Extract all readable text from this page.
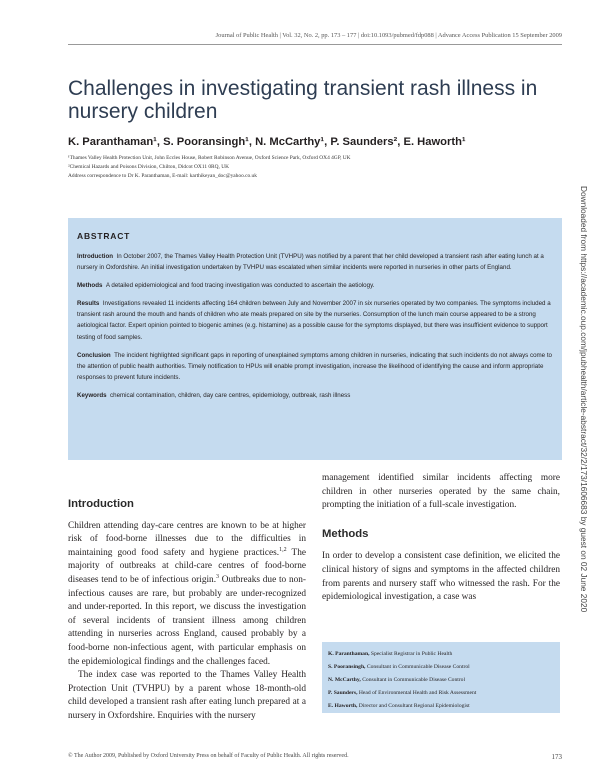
Journal of Public Health | Vol. 32, No. 2, pp. 173 – 177 | doi:10.1093/pubmed/fdp088 | Advance Access Publication 15 September 2009
Challenges in investigating transient rash illness in nursery children
K. Paranthaman¹, S. Pooransingh¹, N. McCarthy¹, P. Saunders², E. Haworth¹
¹Thames Valley Health Protection Unit, John Eccles House, Robert Robinson Avenue, Oxford Science Park, Oxford OX4 4GP, UK
²Chemical Hazards and Poisons Division, Chilton, Didcot OX11 0RQ, UK
Address correspondence to Dr K. Paranthaman, E-mail: karthikeyan_doc@yahoo.co.uk
Downloaded from https://academic.oup.com/jpubhealth/article-abstract/32/2/173/1606683 by guest on 02 June 2020
ABSTRACT

Introduction In October 2007, the Thames Valley Health Protection Unit (TVHPU) was notified by a parent that her child developed a transient rash after eating lunch at a nursery in Oxfordshire. An initial investigation undertaken by TVHPU was escalated when similar incidents were reported in nurseries in other parts of England.

Methods A detailed epidemiological and food tracing investigation was conducted to ascertain the aetiology.

Results Investigations revealed 11 incidents affecting 164 children between July and November 2007 in six nurseries operated by two companies. The symptoms included a transient rash around the mouth and hands of children who ate meals prepared on site by the nurseries. Consumption of the lunch main course appeared to be a strong aetiological factor. Expert opinion pointed to biogenic amines (e.g. histamine) as a possible cause for the symptoms displayed, but there was insufficient evidence to support testing of food samples.

Conclusion The incident highlighted significant gaps in reporting of unexplained symptoms among children in nurseries, indicating that such incidents do not always come to the attention of public health authorities. Timely notification to HPUs will enable prompt investigation, increase the likelihood of identifying the cause and inform appropriate responses to prevent future incidents.

Keywords chemical contamination, children, day care centres, epidemiology, outbreak, rash illness

Introduction

Children attending day-care centres are known to be at higher risk of food-borne illnesses due to the difficulties in maintaining good food safety and hygiene practices.$^{1,2}$ The majority of outbreaks at child-care centres of food-borne diseases tend to be of infectious origin.$^3$ Outbreaks due to non-infectious causes are rare, but probably are under-recognized and under-reported. In this report, we discuss the investigation of several incidents of transient illness among children attending in nurseries across England, caused probably by a food-borne non-infectious agent, with particular emphasis on the epidemiological findings and the challenges faced.

The index case was reported to the Thames Valley Health Protection Unit (TVHPU) by a parent whose 18-month-old child developed a transient rash after eating lunch prepared at a nursery in Oxfordshire. Enquiries with the nursery

management identified similar incidents affecting more children in other nurseries operated by the same chain, prompting the initiation of a full-scale investigation.

Methods

In order to develop a consistent case definition, we elicited the clinical history of signs and symptoms in the affected children from parents and nursery staff who witnessed the rash. For the epidemiological investigation, a case was

K. Paranthaman, Specialist Registrar in Public Health
S. Pooransingh, Consultant in Communicable Disease Control
N. McCarthy, Consultant in Communicable Disease Control
P. Saunders, Head of Environmental Health and Risk Assessment
E. Haworth, Director and Consultant Regional Epidemiologist
© The Author 2009, Published by Oxford University Press on behalf of Faculty of Public Health. All rights reserved.	173
